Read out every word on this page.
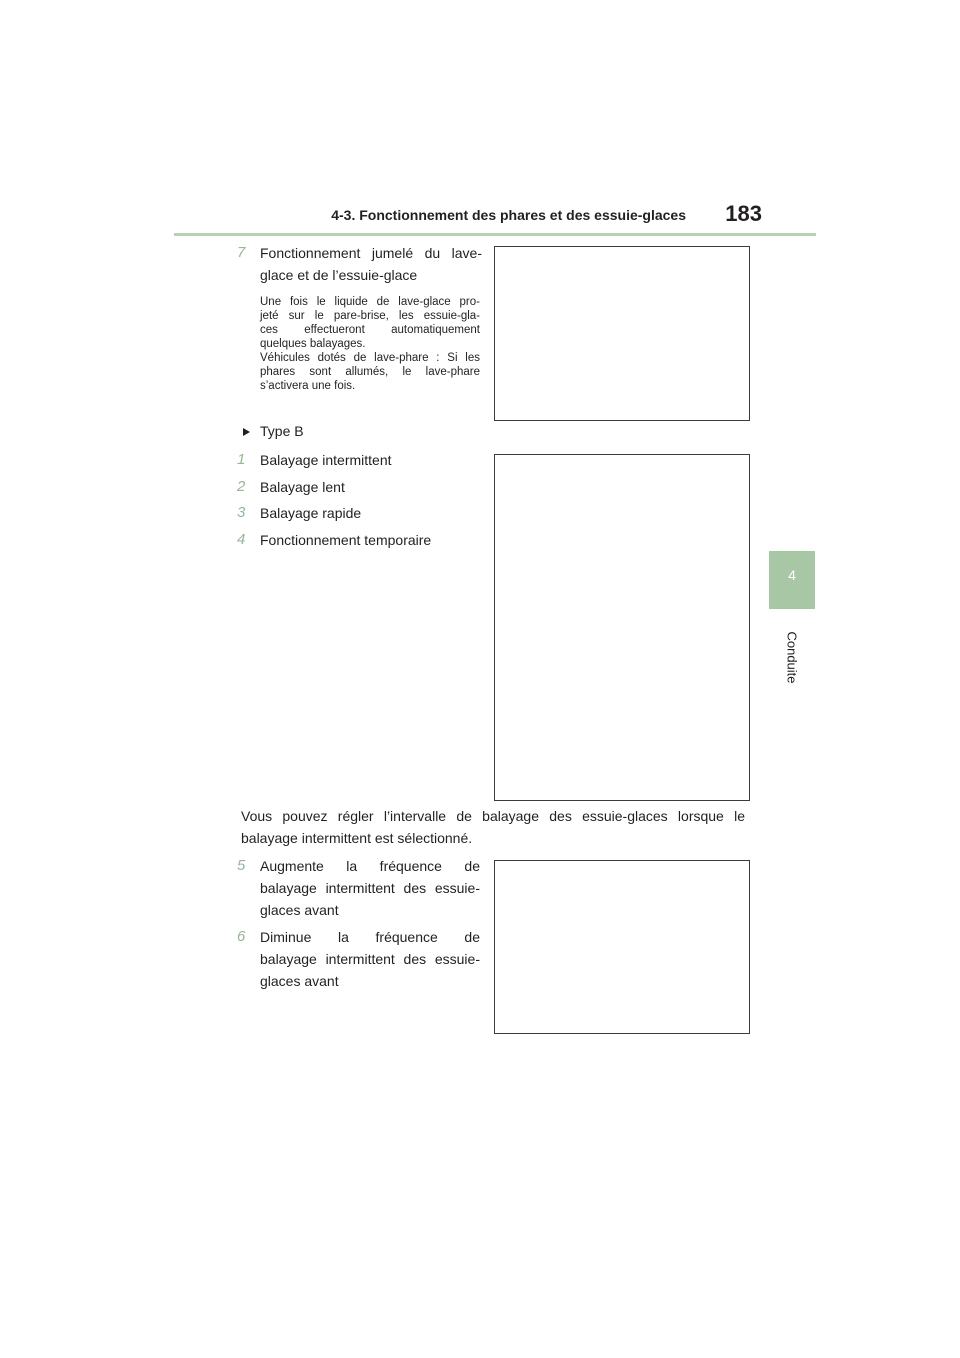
4-3. Fonctionnement des phares et des essuie-glaces	183
4
Conduite
7	Fonctionnement jumelé du lave-
glace et de l’essuie-glace
Une fois le liquide de lave-glace pro-
jeté sur le pare-brise, les essuie-gla-
ces effectueront automatiquement
quelques balayages.
Véhicules dotés de lave-phare : Si les
phares sont allumés, le lave-phare
s’activera une fois.
Type B
1	Balayage intermittent
2	Balayage lent
3	Balayage rapide
4	Fonctionnement temporaire
Vous pouvez régler l’intervalle de balayage des essuie-glaces lorsque le
balayage intermittent est sélectionné.
5	Augmente la fréquence de
balayage intermittent des essuie-
glaces avant
6	Diminue la fréquence de
balayage intermittent des essuie-
glaces avant
